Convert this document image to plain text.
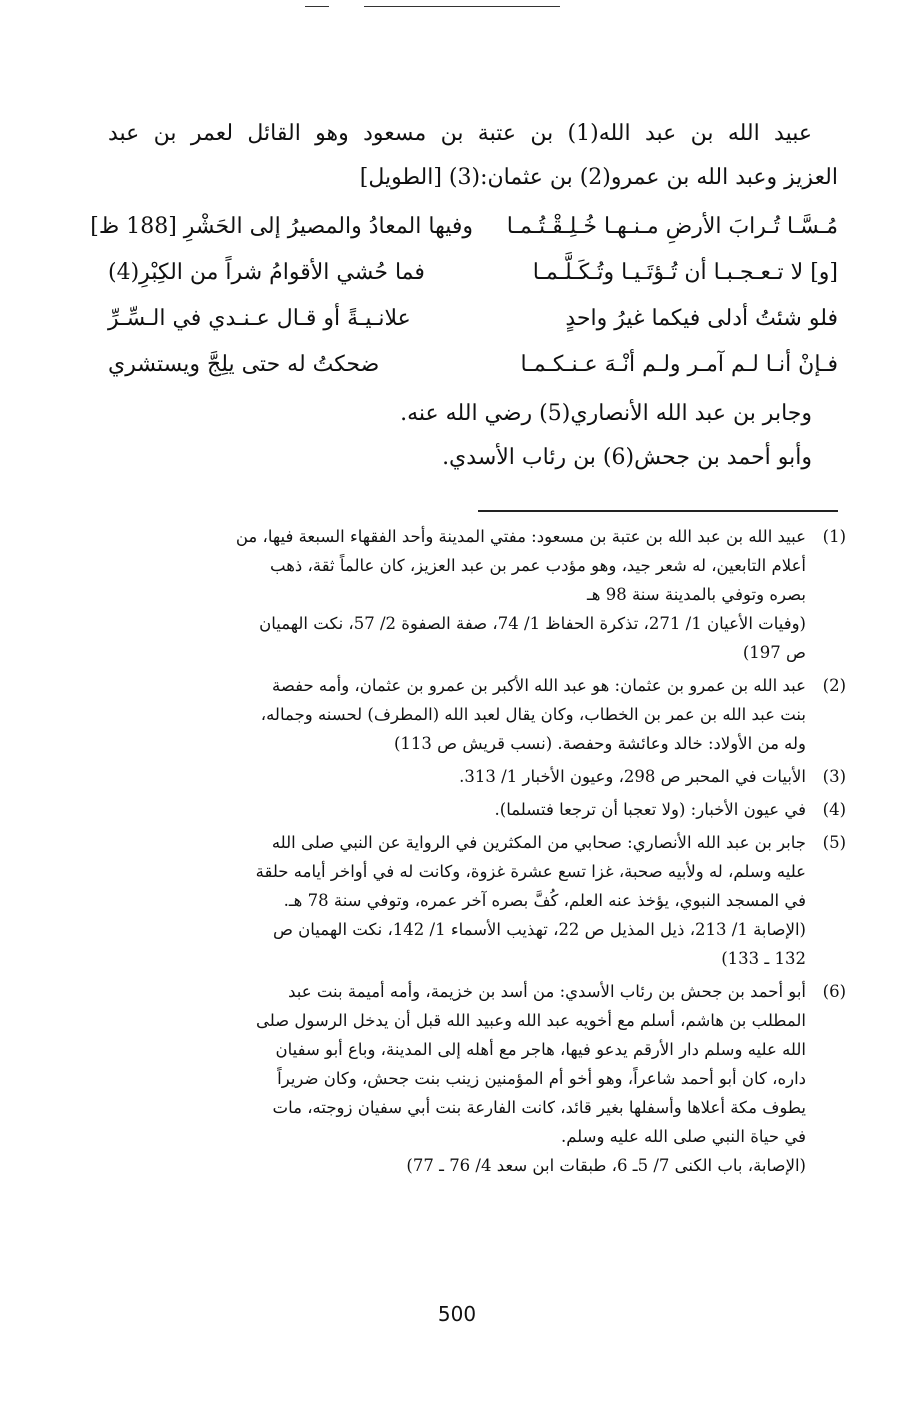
عبيد الله بن عبد الله(1) بن عتبة بن مسعود وهو القائل لعمر بن عبد
العزيز وعبد الله بن عمرو(2) بن عثمان:(3) [الطويل]
مُـسَّـا تُـرابَ الأرضِ مـنـهـا خُـلِـقْـتُـمـا
وفيها المعادُ والمصيرُ إلى الحَشْرِ [188 ظ]
[و] لا تـعـجـبـا أن تُـؤتَـيـا وتُـكَـلَّـمـا
فما حُشي الأقوامُ شراً من الكِبْرِ(4)
فلو شئتُ أدلى فيكما غيرُ واحدٍ
علانـيـةً أو قـال عـنـدي في الـسِّـرِّ
فـإنْ أنـا لـم آمـر ولـم أنْـهَ عـنـكـمـا
ضحكتُ له حتى يلِجَّ ويستشري
وجابر بن عبد الله الأنصاري(5) رضي الله عنه.
وأبو أحمد بن جحش(6) بن رئاب الأسدي.
(1)
عبيد الله بن عبد الله بن عتبة بن مسعود: مفتي المدينة وأحد الفقهاء السبعة فيها، من
أعلام التابعين، له شعر جيد، وهو مؤدب عمر بن عبد العزيز، كان عالماً ثقة، ذهب
بصره وتوفي بالمدينة سنة 98 هـ
(وفيات الأعيان 1/ 271، تذكرة الحفاظ 1/ 74، صفة الصفوة 2/ 57، نكت الهميان
ص 197)
(2)
عبد الله بن عمرو بن عثمان: هو عبد الله الأكبر بن عمرو بن عثمان، وأمه حفصة
بنت عبد الله بن عمر بن الخطاب، وكان يقال لعبد الله (المطرف) لحسنه وجماله،
وله من الأولاد: خالد وعائشة وحفصة. (نسب قريش ص 113)
(3)
الأبيات في المحبر ص 298، وعيون الأخبار 1/ 313.
(4)
في عيون الأخبار: (ولا تعجبا أن ترجعا فتسلما).
(5)
جابر بن عبد الله الأنصاري: صحابي من المكثرين في الرواية عن النبي صلى الله
عليه وسلم، له ولأبيه صحبة، غزا تسع عشرة غزوة، وكانت له في أواخر أيامه حلقة
في المسجد النبوي، يؤخذ عنه العلم، كُفَّ بصره آخر عمره، وتوفي سنة 78 هـ.
(الإصابة 1/ 213، ذيل المذيل ص 22، تهذيب الأسماء 1/ 142، نكت الهميان ص
132 ـ 133)
(6)
أبو أحمد بن جحش بن رئاب الأسدي: من أسد بن خزيمة، وأمه أميمة بنت عبد
المطلب بن هاشم، أسلم مع أخويه عبد الله وعبيد الله قبل أن يدخل الرسول صلى
الله عليه وسلم دار الأرقم يدعو فيها، هاجر مع أهله إلى المدينة، وباع أبو سفيان
داره، كان أبو أحمد شاعراً، وهو أخو أم المؤمنين زينب بنت جحش، وكان ضريراً
يطوف مكة أعلاها وأسفلها بغير قائد، كانت الفارعة بنت أبي سفيان زوجته، مات
في حياة النبي صلى الله عليه وسلم.
(الإصابة، باب الكنى 7/ 5ـ 6، طبقات ابن سعد 4/ 76 ـ 77)
500
